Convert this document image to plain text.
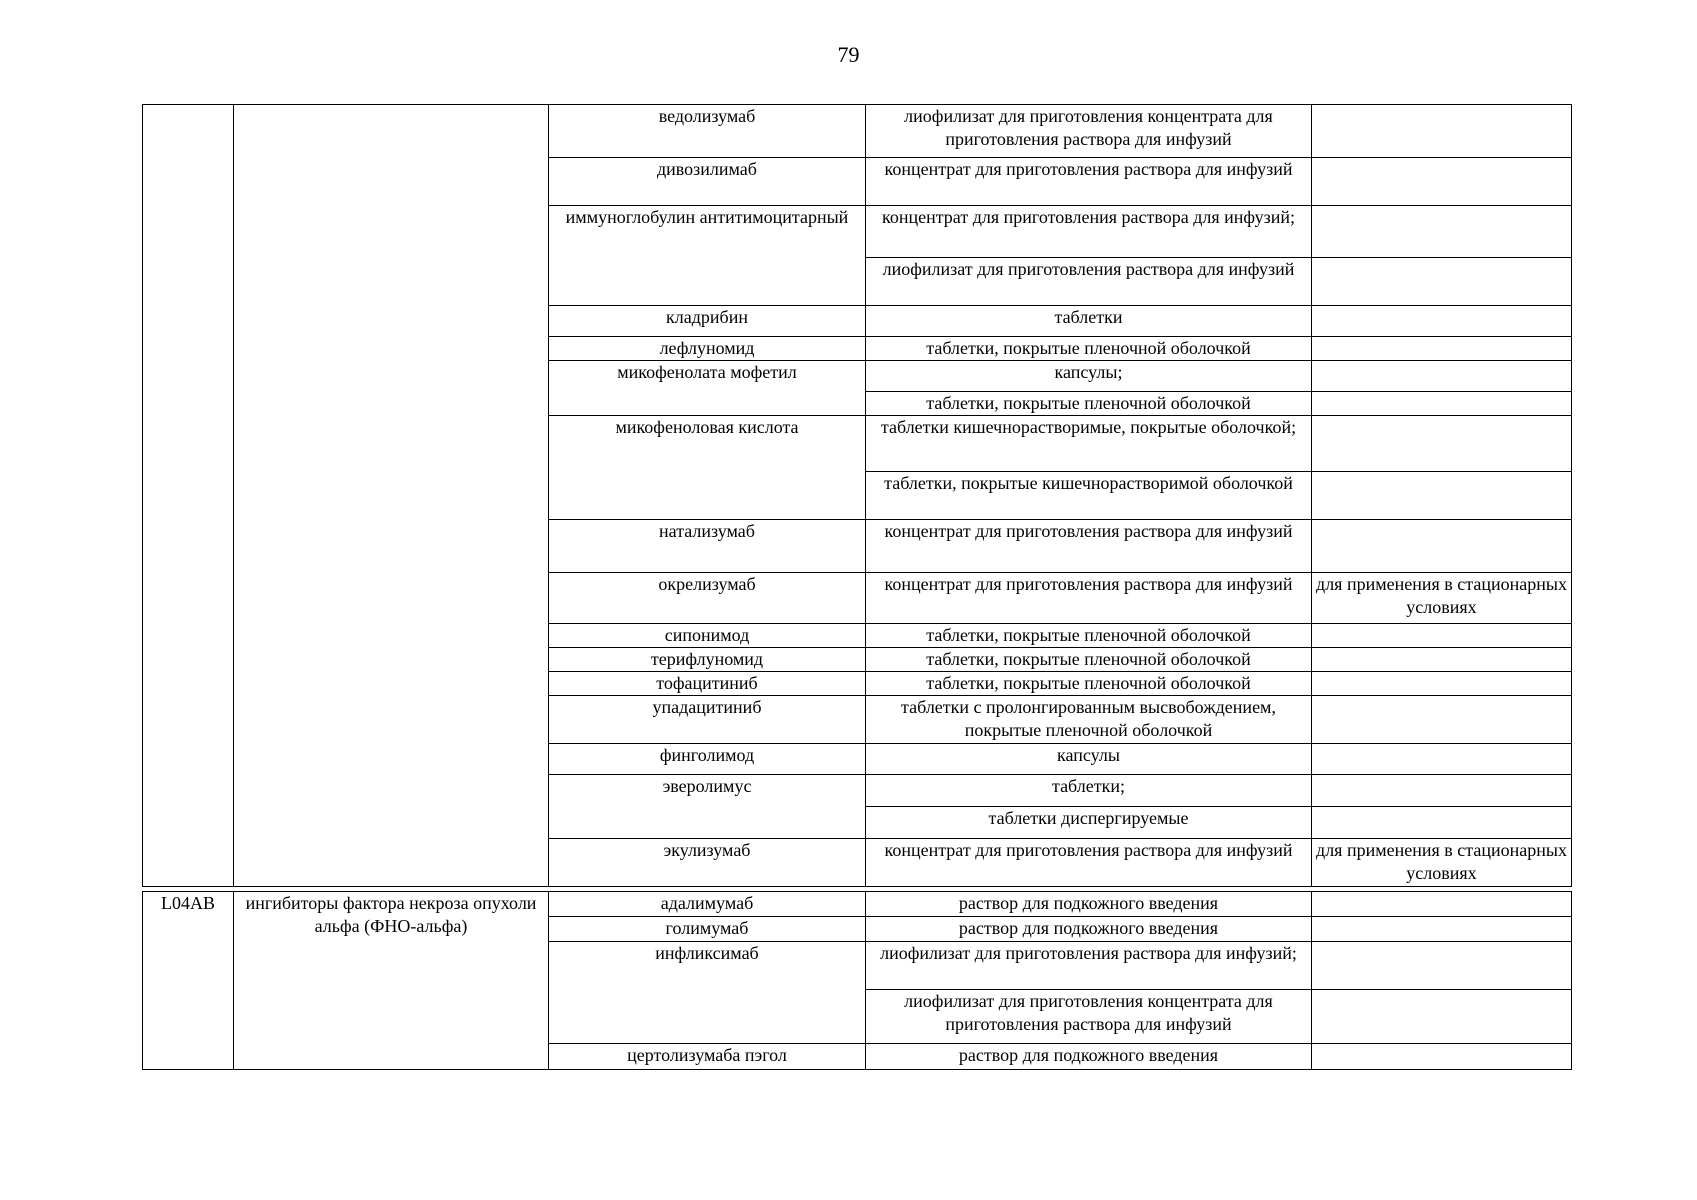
79
		ведолизумаб	лиофилизат для приготовления концентрата для приготовления раствора для инфузий	
		дивозилимаб	концентрат для приготовления раствора для инфузий	
		иммуноглобулин антитимоцитарный	концентрат для приготовления раствора для инфузий;	
			лиофилизат для приготовления раствора для инфузий	
		кладрибин	таблетки	
		лефлуномид	таблетки, покрытые пленочной оболочкой	
		микофенолата мофетил	капсулы;	
			таблетки, покрытые пленочной оболочкой	
		микофеноловая кислота	таблетки кишечнорастворимые, покрытые оболочкой;	
			таблетки, покрытые кишечнорастворимой оболочкой	
		натализумаб	концентрат для приготовления раствора для инфузий	
		окрелизумаб	концентрат для приготовления раствора для инфузий	для применения в стационарных условиях
		сипонимод	таблетки, покрытые пленочной оболочкой	
		терифлуномид	таблетки, покрытые пленочной оболочкой	
		тофацитиниб	таблетки, покрытые пленочной оболочкой	
		упадацитиниб	таблетки с пролонгированным высвобождением, покрытые пленочной оболочкой	
		финголимод	капсулы	
		эверолимус	таблетки;	
			таблетки диспергируемые	
		экулизумаб	концентрат для приготовления раствора для инфузий	для применения в стационарных условиях
L04AB	ингибиторы фактора некроза опухоли альфа (ФНО-альфа)	адалимумаб	раствор для подкожного введения	
		голимумаб	раствор для подкожного введения	
		инфликсимаб	лиофилизат для приготовления раствора для инфузий;	
			лиофилизат для приготовления концентрата для приготовления раствора для инфузий	
		цертолизумаба пэгол	раствор для подкожного введения	
